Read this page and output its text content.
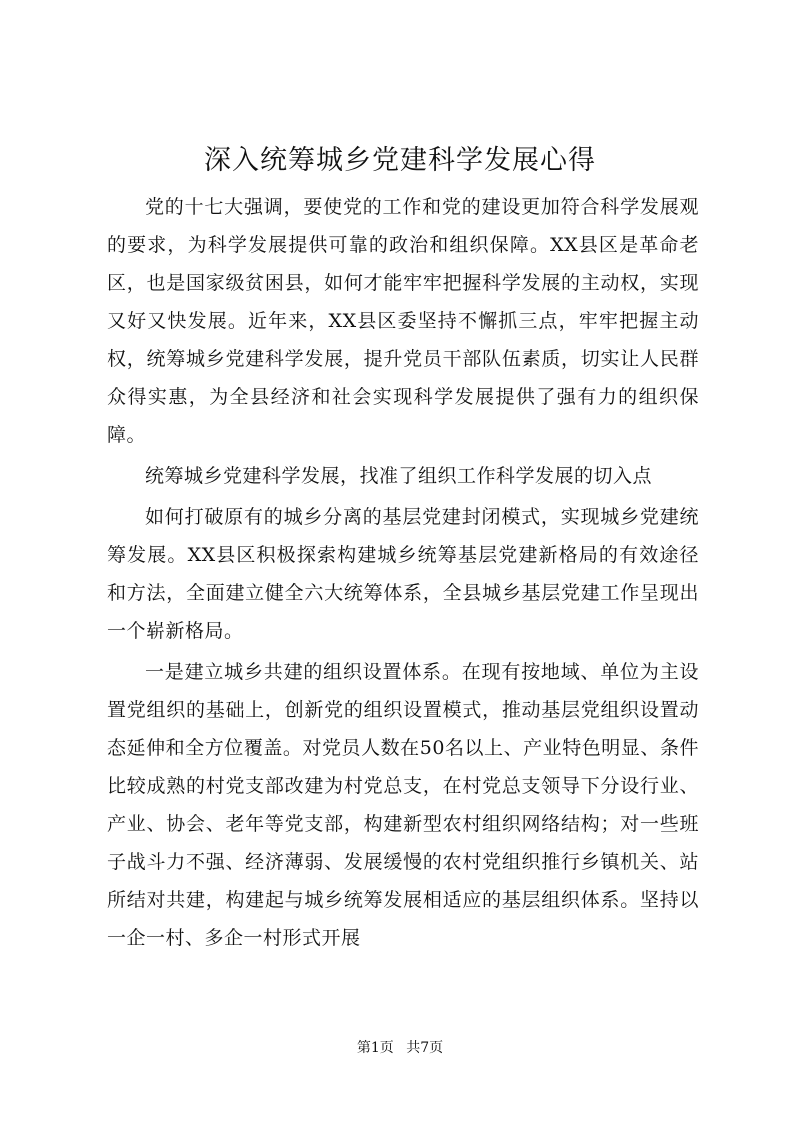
深入统筹城乡党建科学发展心得

党的十七大强调，要使党的工作和党的建设更加符合科学发展观的要求，为科学发展提供可靠的政治和组织保障。XX县区是革命老区，也是国家级贫困县，如何才能牢牢把握科学发展的主动权，实现又好又快发展。近年来，XX县区委坚持不懈抓三点，牢牢把握主动权，统筹城乡党建科学发展，提升党员干部队伍素质，切实让人民群众得实惠，为全县经济和社会实现科学发展提供了强有力的组织保障。

统筹城乡党建科学发展，找准了组织工作科学发展的切入点

如何打破原有的城乡分离的基层党建封闭模式，实现城乡党建统筹发展。XX县区积极探索构建城乡统筹基层党建新格局的有效途径和方法，全面建立健全六大统筹体系，全县城乡基层党建工作呈现出一个崭新格局。

一是建立城乡共建的组织设置体系。在现有按地域、单位为主设置党组织的基础上，创新党的组织设置模式，推动基层党组织设置动态延伸和全方位覆盖。对党员人数在50名以上、产业特色明显、条件比较成熟的村党支部改建为村党总支，在村党总支领导下分设行业、产业、协会、老年等党支部，构建新型农村组织网络结构；对一些班子战斗力不强、经济薄弱、发展缓慢的农村党组织推行乡镇机关、站所结对共建，构建起与城乡统筹发展相适应的基层组织体系。坚持以一企一村、多企一村形式开展

第1页 共7页
